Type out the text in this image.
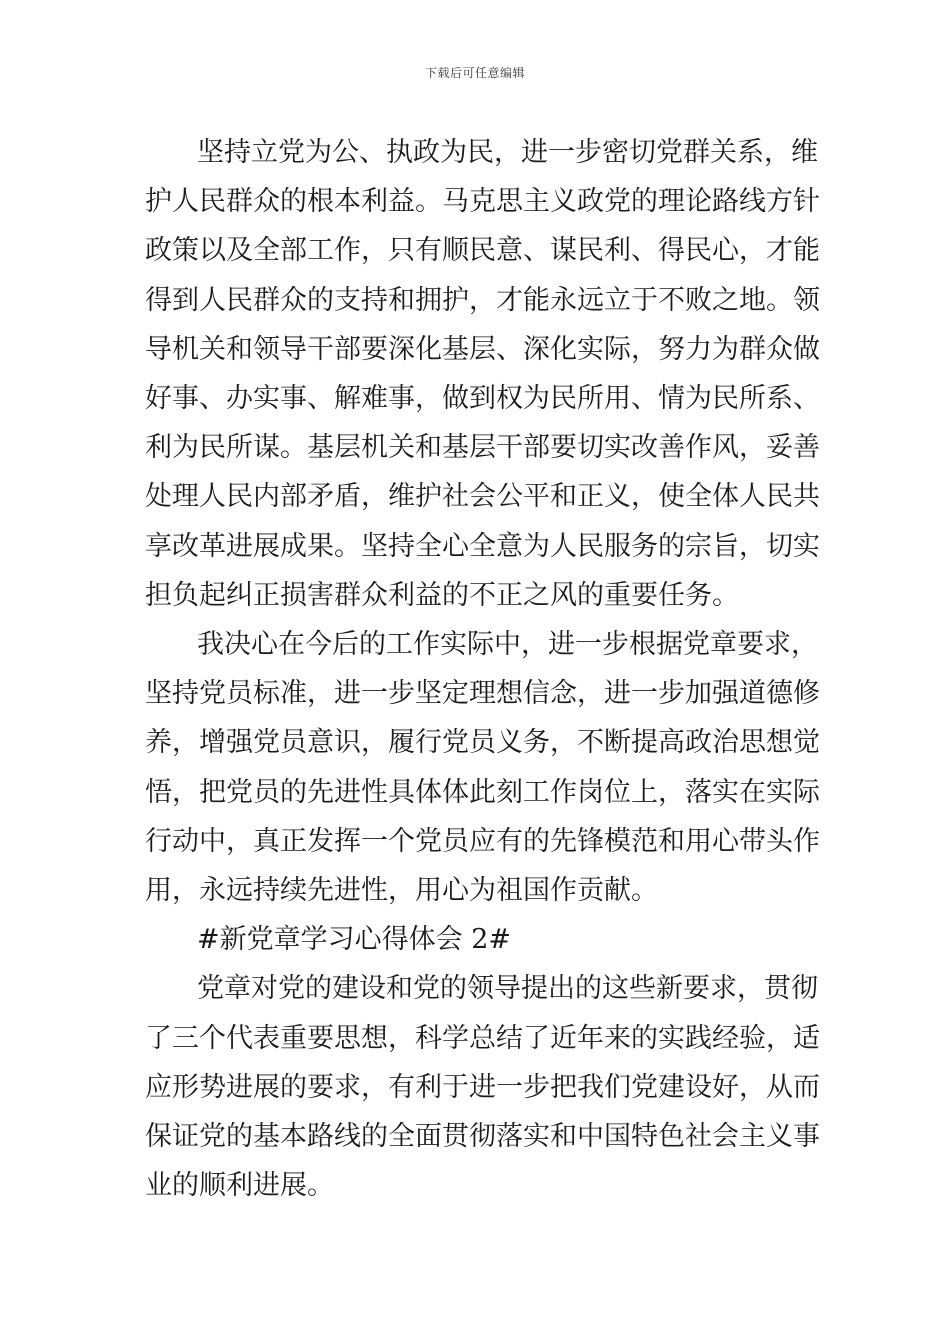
下载后可任意编辑
坚持立党为公、执政为民，进一步密切党群关系，维
护人民群众的根本利益。马克思主义政党的理论路线方针
政策以及全部工作，只有顺民意、谋民利、得民心，才能
得到人民群众的支持和拥护，才能永远立于不败之地。领
导机关和领导干部要深化基层、深化实际，努力为群众做
好事、办实事、解难事，做到权为民所用、情为民所系、
利为民所谋。基层机关和基层干部要切实改善作风，妥善
处理人民内部矛盾，维护社会公平和正义，使全体人民共
享改革进展成果。坚持全心全意为人民服务的宗旨，切实
担负起纠正损害群众利益的不正之风的重要任务。
我决心在今后的工作实际中，进一步根据党章要求，
坚持党员标准，进一步坚定理想信念，进一步加强道德修
养，增强党员意识，履行党员义务，不断提高政治思想觉
悟，把党员的先进性具体体此刻工作岗位上，落实在实际
行动中，真正发挥一个党员应有的先锋模范和用心带头作
用，永远持续先进性，用心为祖国作贡献。
#新党章学习心得体会 2#
党章对党的建设和党的领导提出的这些新要求，贯彻
了三个代表重要思想，科学总结了近年来的实践经验，适
应形势进展的要求，有利于进一步把我们党建设好，从而
保证党的基本路线的全面贯彻落实和中国特色社会主义事
业的顺利进展。
